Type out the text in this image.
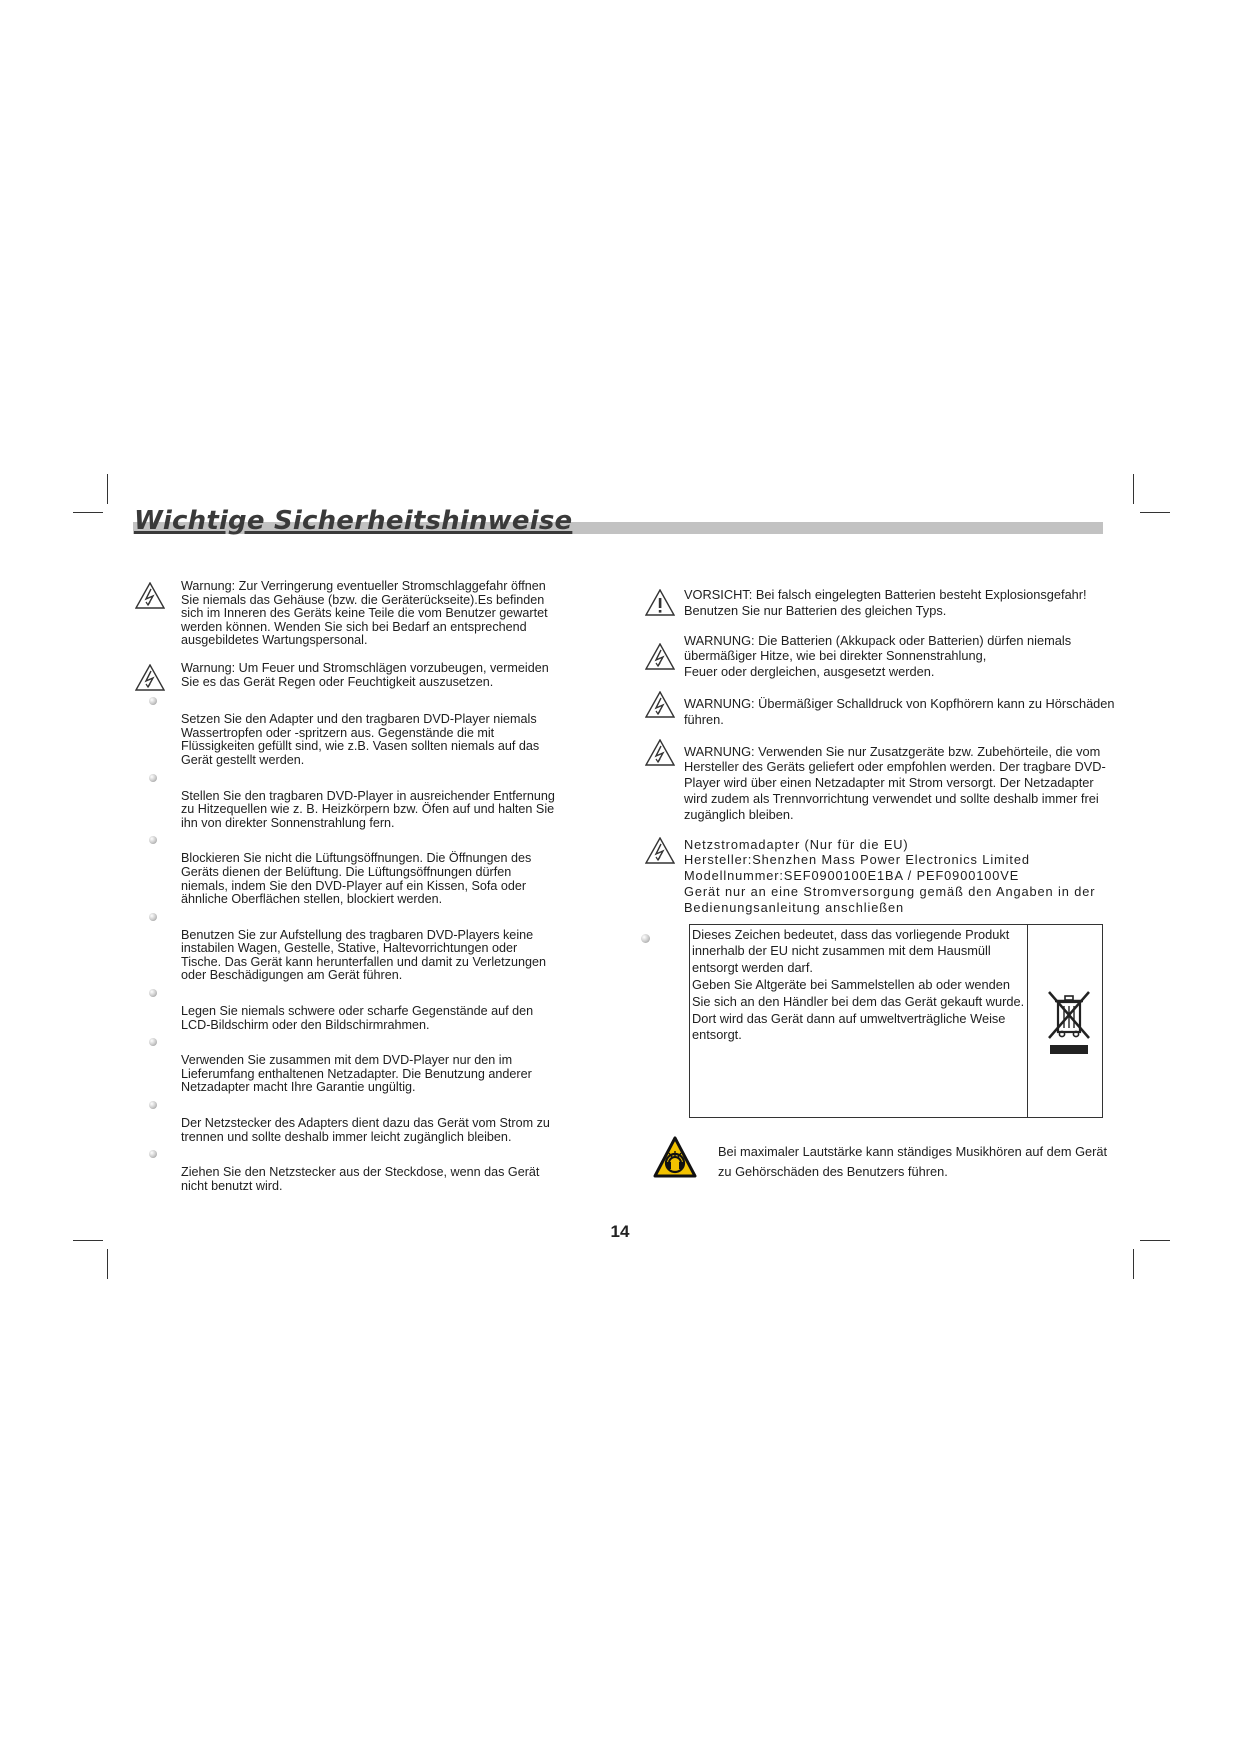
Wichtige Sicherheitshinweise
Warnung: Zur Verringerung eventueller Stromschlaggefahr öffnen Sie niemals das Gehäuse (bzw. die Geräterückseite).Es befinden sich im Inneren des Geräts keine Teile die vom Benutzer gewartet werden können. Wenden Sie sich bei Bedarf an entsprechend ausgebildetes Wartungspersonal.
Warnung: Um Feuer und Stromschlägen vorzubeugen, vermeiden Sie es das Gerät Regen oder Feuchtigkeit auszusetzen.
Setzen Sie den Adapter und den tragbaren DVD-Player niemals Wassertropfen oder -spritzern aus. Gegenstände die mit Flüssigkeiten gefüllt sind, wie z.B. Vasen sollten niemals auf das Gerät gestellt werden.
Stellen Sie den tragbaren DVD-Player in ausreichender Entfernung zu Hitzequellen wie z. B. Heizkörpern bzw. Öfen auf und halten Sie ihn von direkter Sonnenstrahlung fern.
Blockieren Sie nicht die Lüftungsöffnungen. Die Öffnungen des Geräts dienen der Belüftung. Die Lüftungsöffnungen dürfen niemals, indem Sie den DVD-Player auf ein Kissen, Sofa oder ähnliche Oberflächen stellen, blockiert werden.
Benutzen Sie zur Aufstellung des tragbaren DVD-Players keine instabilen Wagen, Gestelle, Stative, Haltevorrichtungen oder Tische. Das Gerät kann herunterfallen und damit zu Verletzungen oder Beschädigungen am Gerät führen.
Legen Sie niemals schwere oder scharfe Gegenstände auf den LCD-Bildschirm oder den Bildschirmrahmen.
Verwenden Sie zusammen mit dem DVD-Player nur den im Lieferumfang enthaltenen Netzadapter. Die Benutzung anderer Netzadapter macht Ihre Garantie ungültig.
Der Netzstecker des Adapters dient dazu das Gerät vom Strom zu trennen und sollte deshalb immer leicht zugänglich bleiben.
Ziehen Sie den Netzstecker aus der Steckdose, wenn das Gerät nicht benutzt wird.
VORSICHT: Bei falsch eingelegten Batterien besteht Explosionsgefahr! Benutzen Sie nur Batterien des gleichen Typs.
WARNUNG: Die Batterien (Akkupack oder Batterien) dürfen niemals übermäßiger Hitze, wie bei direkter Sonnenstrahlung,
Feuer oder dergleichen, ausgesetzt werden.
WARNUNG: Übermäßiger Schalldruck von Kopfhörern kann zu Hörschäden führen.
WARNUNG: Verwenden Sie nur Zusatzgeräte bzw. Zubehörteile, die vom Hersteller des Geräts geliefert oder empfohlen werden. Der tragbare DVD-Player wird über einen Netzadapter mit Strom versorgt. Der Netzadapter wird zudem als Trennvorrichtung verwendet und sollte deshalb immer frei zugänglich bleiben.
Netzstromadapter (Nur für die EU)
Hersteller:Shenzhen Mass Power Electronics Limited
Modellnummer:SEF0900100E1BA / PEF0900100VE
Gerät nur an eine Stromversorgung gemäß den Angaben in der Bedienungsanleitung anschließen
Dieses Zeichen bedeutet, dass das vorliegende Produkt innerhalb der EU nicht zusammen mit dem Hausmüll entsorgt werden darf.
Geben Sie Altgeräte bei Sammelstellen ab oder wenden Sie sich an den Händler bei dem das Gerät gekauft wurde. Dort wird das Gerät dann auf umweltverträgliche Weise entsorgt.
Bei maximaler Lautstärke kann ständiges Musikhören auf dem Gerät zu Gehörschäden des Benutzers führen.
14
